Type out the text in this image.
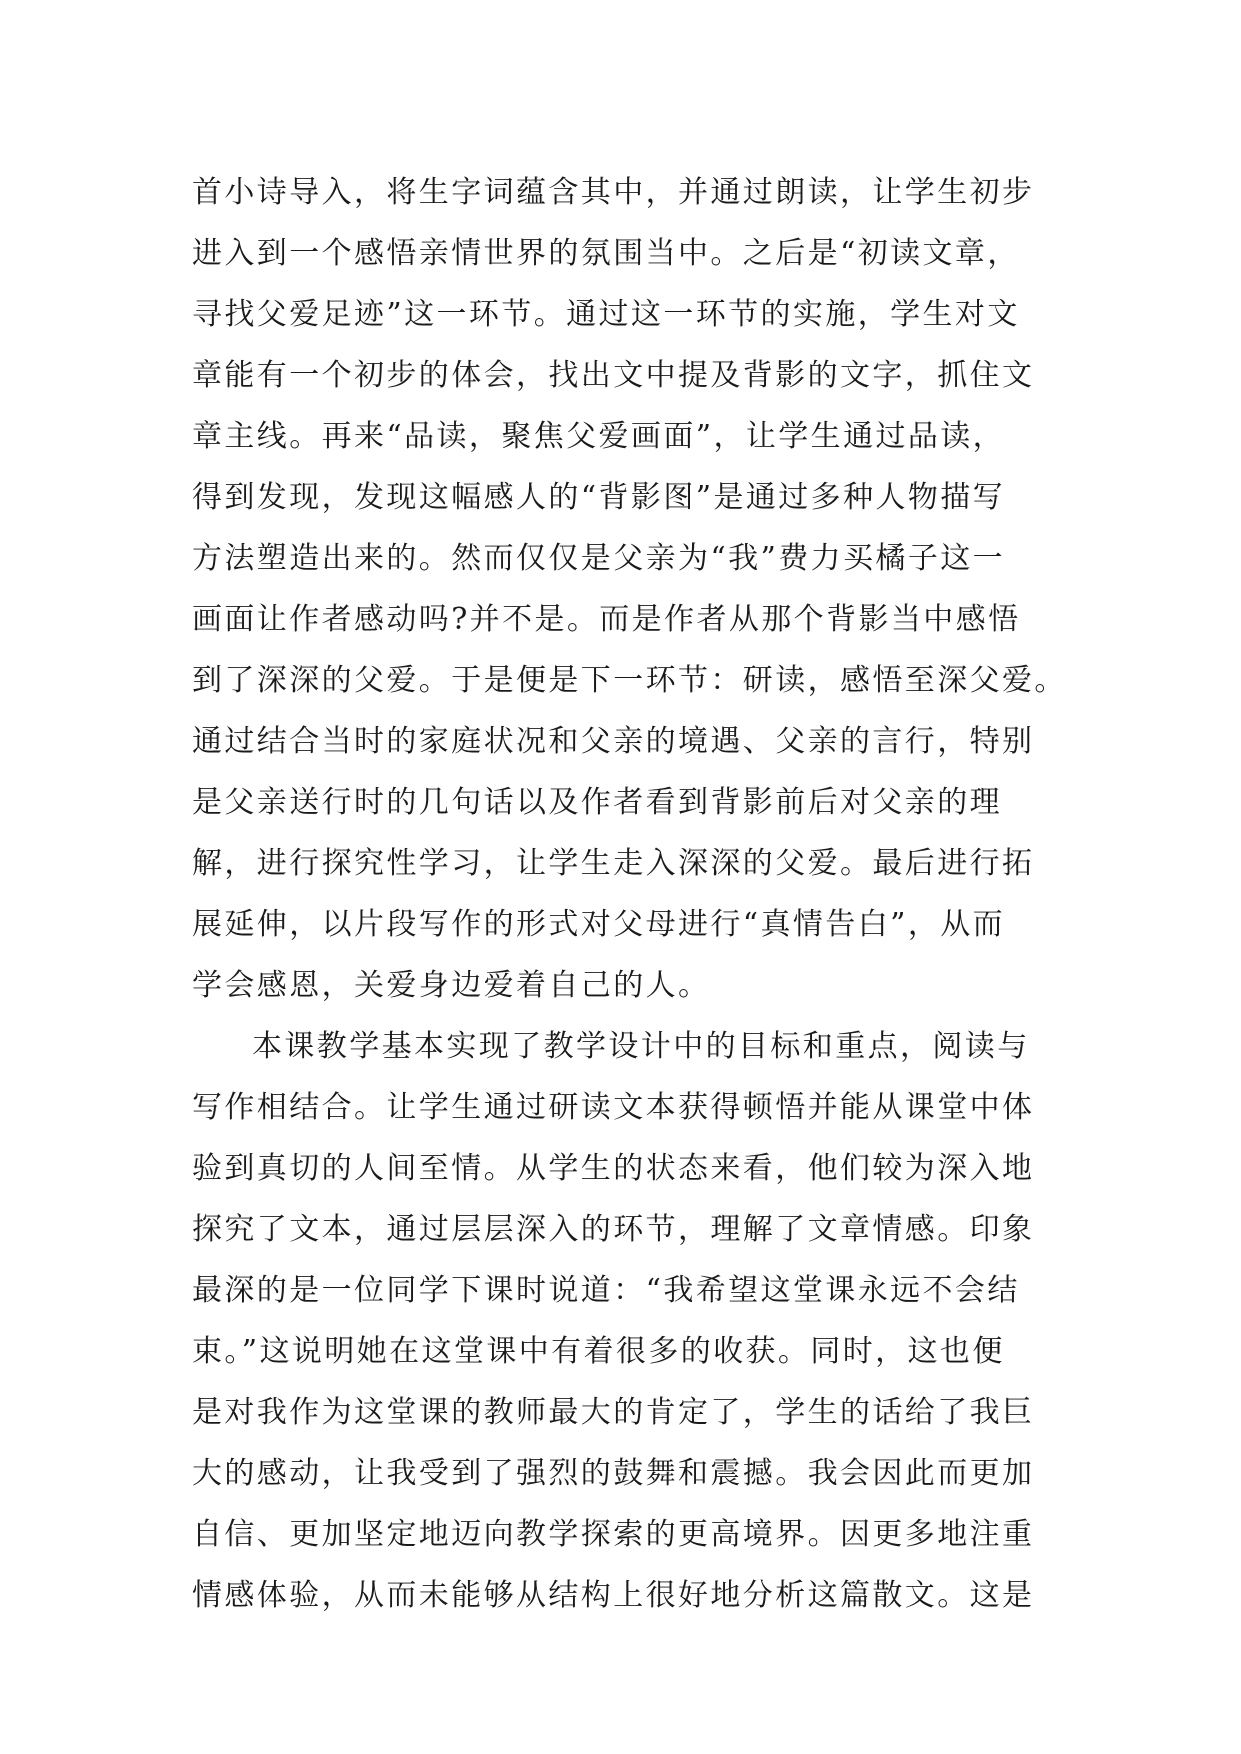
首小诗导入，将生字词蕴含其中，并通过朗读，让学生初步
进入到一个感悟亲情世界的氛围当中。之后是“初读文章，
寻找父爱足迹”这一环节。通过这一环节的实施，学生对文
章能有一个初步的体会，找出文中提及背影的文字，抓住文
章主线。再来“品读，聚焦父爱画面”，让学生通过品读，
得到发现，发现这幅感人的“背影图”是通过多种人物描写
方法塑造出来的。然而仅仅是父亲为“我”费力买橘子这一
画面让作者感动吗?并不是。而是作者从那个背影当中感悟
到了深深的父爱。于是便是下一环节：研读，感悟至深父爱。
通过结合当时的家庭状况和父亲的境遇、父亲的言行，特别
是父亲送行时的几句话以及作者看到背影前后对父亲的理
解，进行探究性学习，让学生走入深深的父爱。最后进行拓
展延伸，以片段写作的形式对父母进行“真情告白”，从而
学会感恩，关爱身边爱着自己的人。
本课教学基本实现了教学设计中的目标和重点，阅读与
写作相结合。让学生通过研读文本获得顿悟并能从课堂中体
验到真切的人间至情。从学生的状态来看，他们较为深入地
探究了文本，通过层层深入的环节，理解了文章情感。印象
最深的是一位同学下课时说道：“我希望这堂课永远不会结
束。”这说明她在这堂课中有着很多的收获。同时，这也便
是对我作为这堂课的教师最大的肯定了，学生的话给了我巨
大的感动，让我受到了强烈的鼓舞和震撼。我会因此而更加
自信、更加坚定地迈向教学探索的更高境界。因更多地注重
情感体验，从而未能够从结构上很好地分析这篇散文。这是
